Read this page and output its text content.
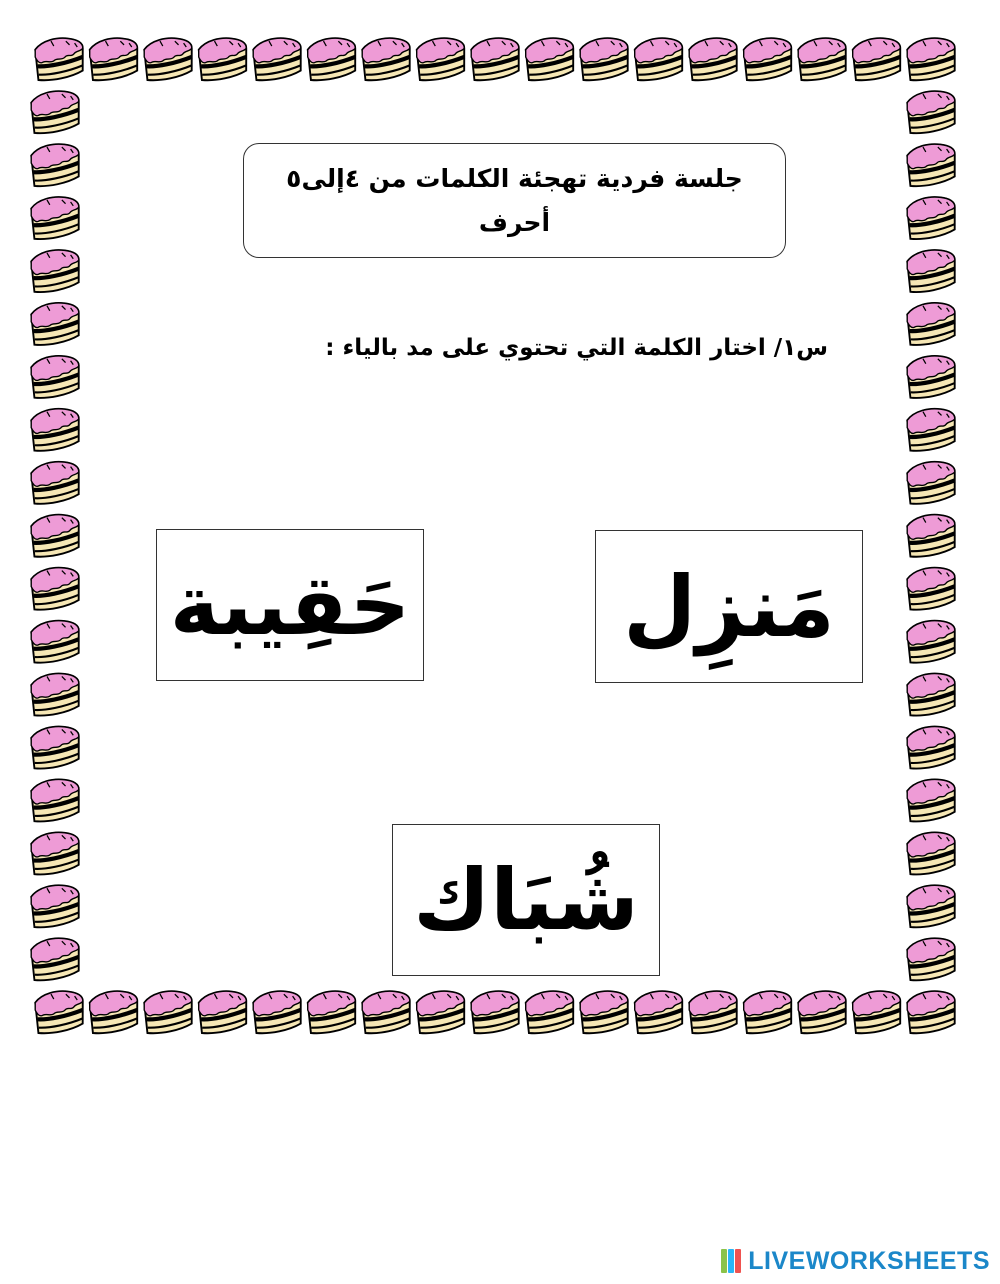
جلسة فردية تهجئة الكلمات من ٤إلى٥
أحرف
س١/ اختار الكلمة التي تحتوي على مد بالياء :
مَنزِل
حَقِيبة
شُبَاك
LIVEWORKSHEETS
